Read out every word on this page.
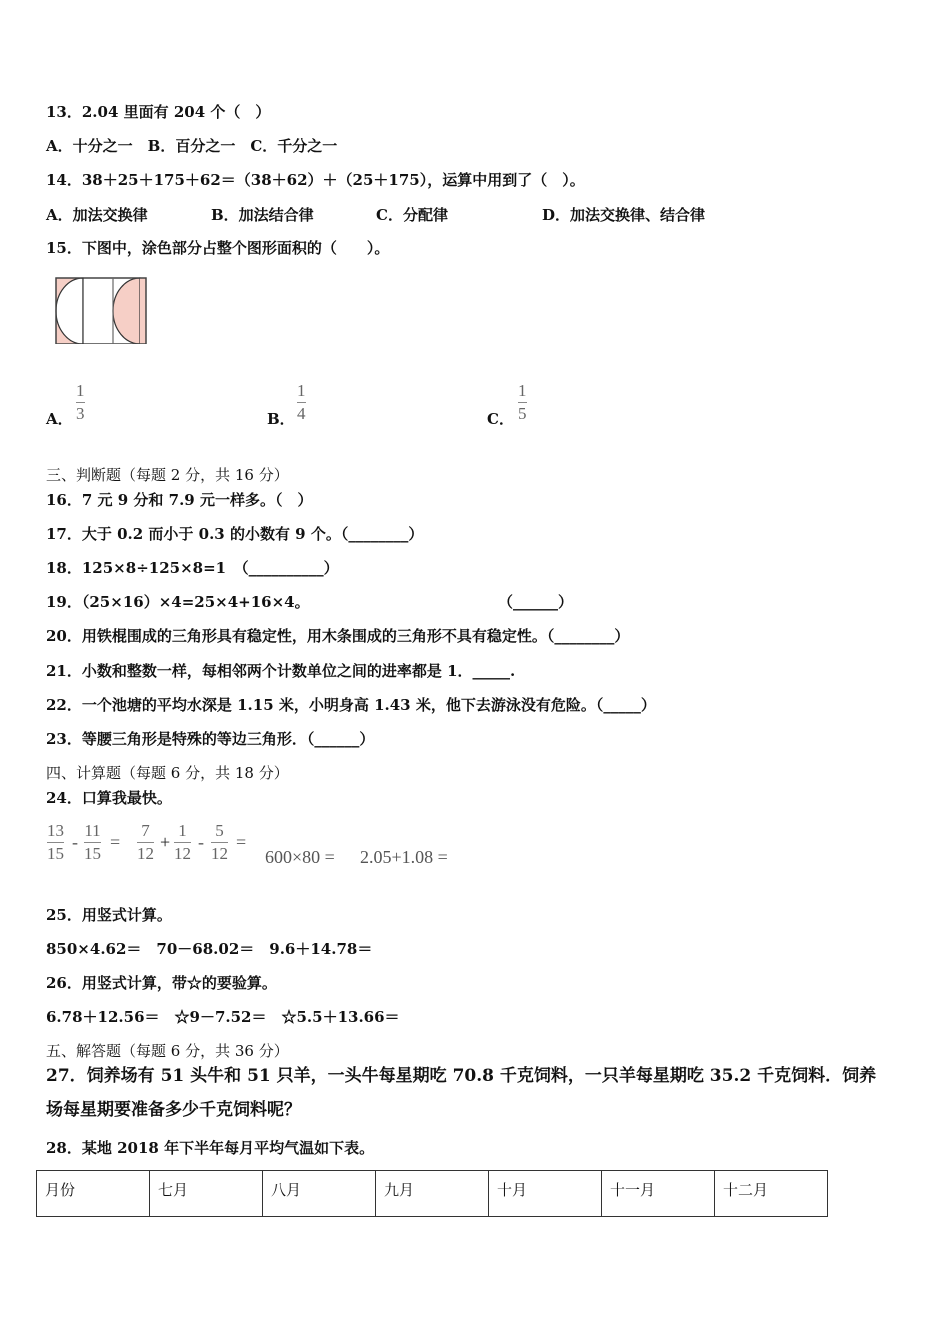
13．2.04 里面有 204 个（　）
A．十分之一　B．百分之一　C．千分之一
14．38＋25＋175＋62＝（38＋62）＋（25＋175），运算中用到了（　）。
A．加法交换律	B．加法结合律	C．分配律	D．加法交换律、结合律
15．下图中，涂色部分占整个图形面积的（　　）。
A．
1
3	B．
1
4	C．
1
5
三、判断题（每题 2 分，共 16 分）
16．7 元 9 分和 7.9 元一样多。（　）
17．大于 0.2 而小于 0.3 的小数有 9 个。（________）
18．125×8÷125×8=1　（__________）
19．（25×16）×4=25×4+16×4。	（______）
20．用铁棍围成的三角形具有稳定性，用木条围成的三角形不具有稳定性。（________）
21．小数和整数一样，每相邻两个计数单位之间的进率都是 1．_____.
22．一个池塘的平均水深是 1.15 米，小明身高 1.43 米，他下去游泳没有危险。（_____）
23．等腰三角形是特殊的等边三角形．（______）
四、计算题（每题 6 分，共 18 分）
24．口算我最快。
13
15
-
11
15
=
7
12
+
1
12
-
5
12
=
600×80 = 2.05+1.08 =
25．用竖式计算。
850×4.62＝　70－68.02＝　9.6＋14.78＝
26．用竖式计算，带☆的要验算。
6.78＋12.56＝　☆9－7.52＝　☆5.5＋13.66＝
五、解答题（每题 6 分，共 36 分）
27．饲养场有 51 头牛和 51 只羊，一头牛每星期吃 70.8 千克饲料，一只羊每星期吃 35.2 千克饲料．饲养
场每星期要准备多少千克饲料呢？
28．某地 2018 年下半年每月平均气温如下表。
月份	七月	八月	九月	十月	十一月	十二月
